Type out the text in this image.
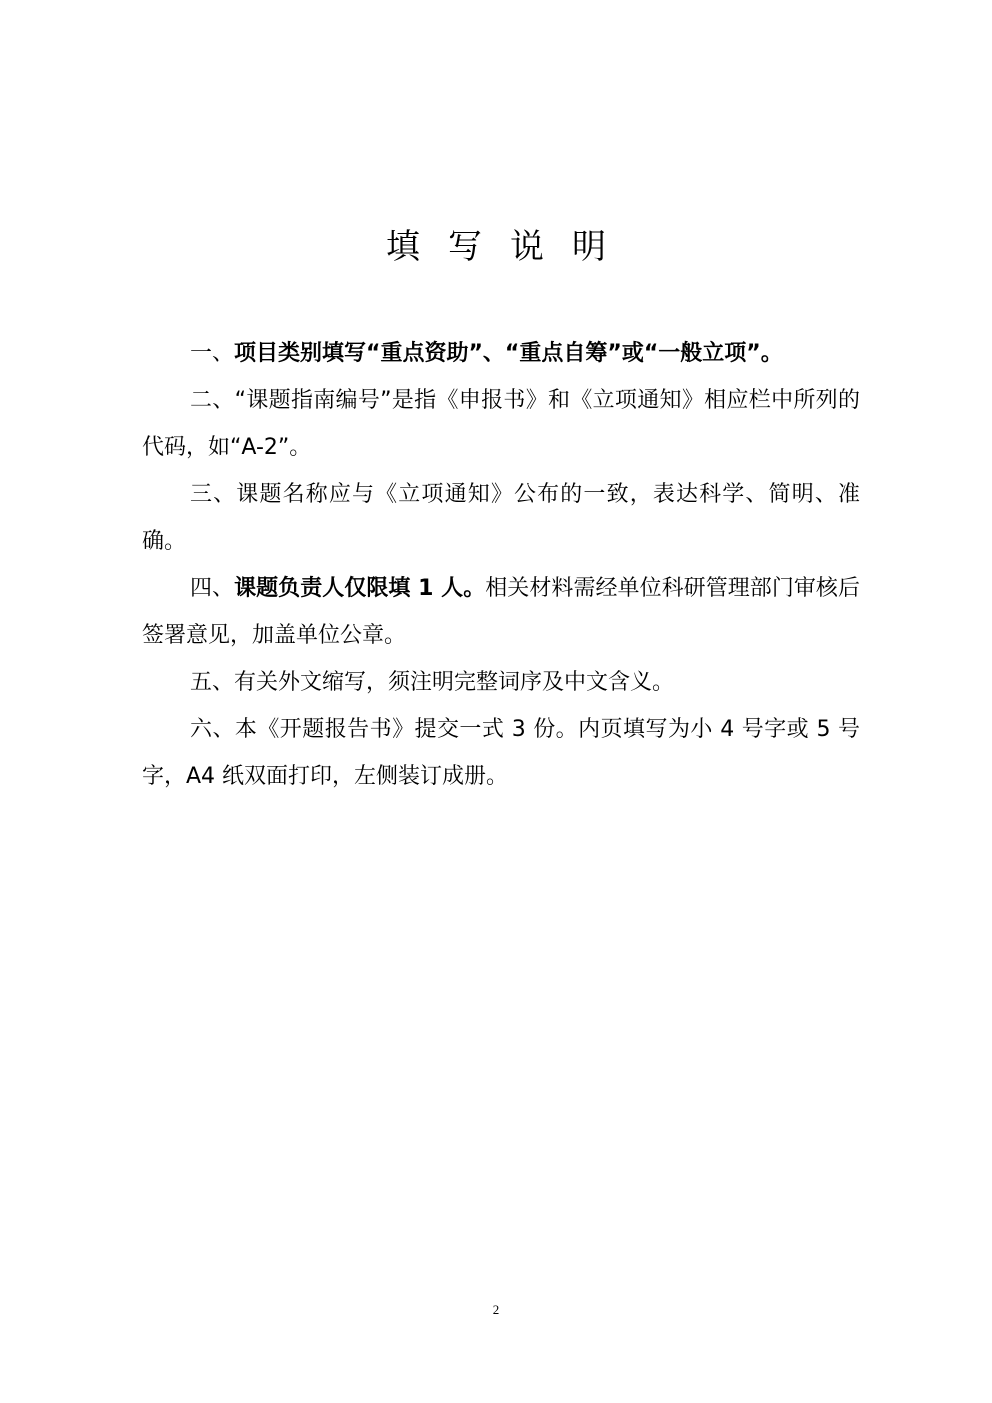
填写说明

一、项目类别填写“重点资助”、“重点自筹”或“一般立项”。

二、“课题指南编号”是指《申报书》和《立项通知》相应栏中所列的代码，如“A-2”。

三、课题名称应与《立项通知》公布的一致，表达科学、简明、准确。

四、课题负责人仅限填 1 人。相关材料需经单位科研管理部门审核后签署意见，加盖单位公章。

五、有关外文缩写，须注明完整词序及中文含义。

六、本《开题报告书》提交一式 3 份。内页填写为小 4 号字或 5 号字，A4 纸双面打印，左侧装订成册。

2
